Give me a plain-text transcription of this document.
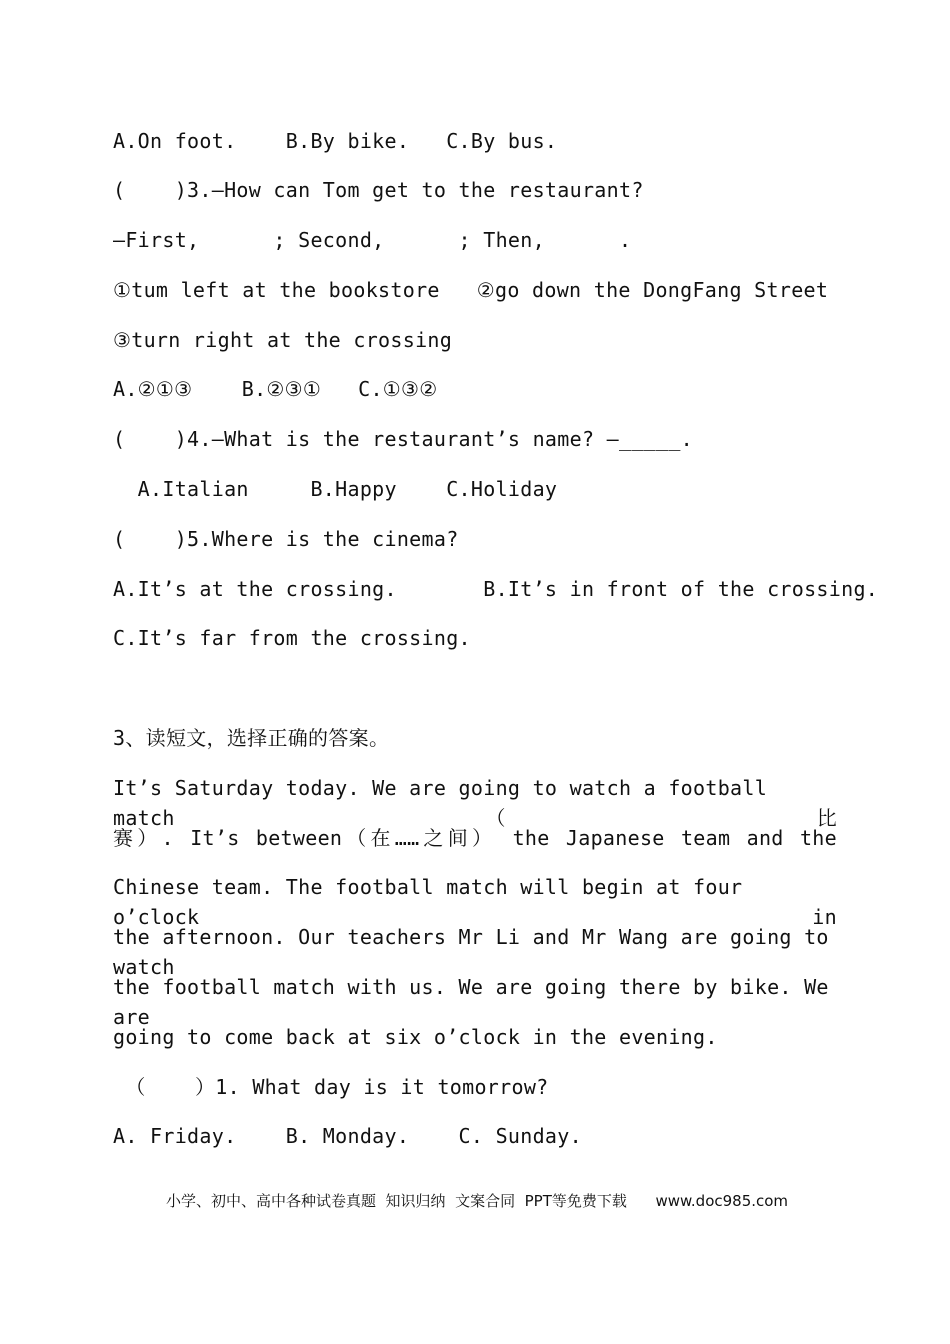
A.On foot.    B.By bike.   C.By bus.
(    )3.—How can Tom get to the restaurant?
—First,      ; Second,      ; Then,      .
①tum left at the bookstore   ②go down the DongFang Street
③turn right at the crossing
A.②①③    B.②③①   C.①③②
(    )4.—What is the restaurant’s name? —_____.
A.Italian     B.Happy    C.Holiday
(    )5.Where is the cinema?
A.It’s at the crossing.       B.It’s in front of the crossing.
C.It’s far from the crossing.
3、读短文，选择正确的答案。
It’s Saturday today. We are going to watch a football match（比
赛）. It’s between（在……之间） the Japanese team and the
Chinese team. The football match will begin at four o’clock in
the afternoon. Our teachers Mr Li and Mr Wang are going to watch
the football match with us. We are going there by bike. We are
going to come back at six o’clock in the evening.
（    ）1. What day is it tomorrow?
A. Friday.    B. Monday.    C. Sunday.
小学、初中、高中各种试卷真题  知识归纳  文案合同  PPT等免费下载      www.doc985.com
